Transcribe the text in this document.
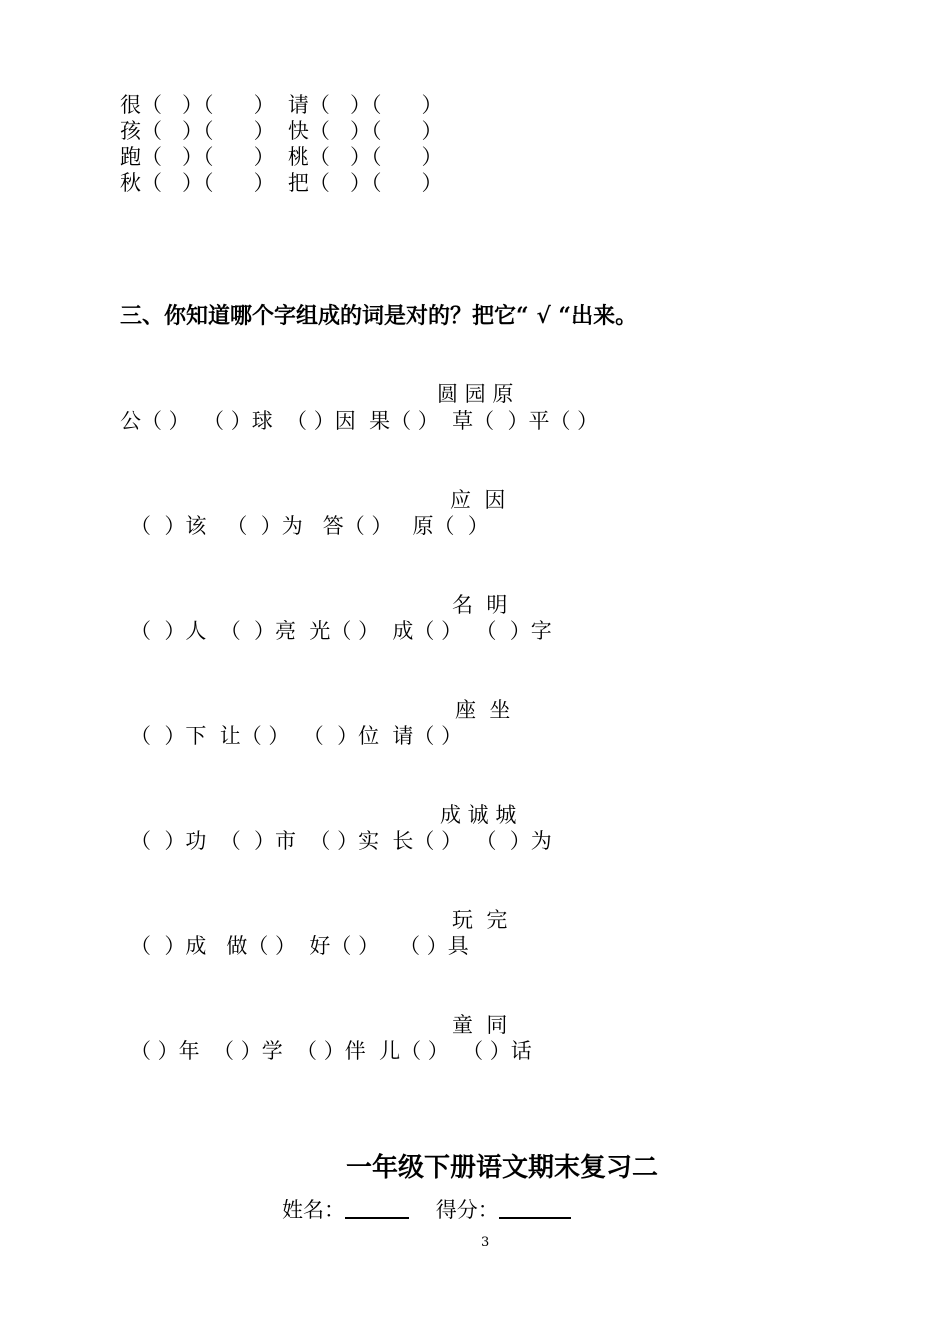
很（   ）（      ）  请（   ）（      ）
孩（   ）（      ）  快（   ）（      ）
跑（   ）（      ）  桃（   ）（      ）
秋（   ）（      ）  把（   ）（      ）
三、你知道哪个字组成的词是对的？把它“ √ “出来。
圆 园 原
公（ ）  （ ）球  （ ）因  果（ ）  草（  ）平（ ）
应  因
（  ）该   （  ）为   答（ ）   原（  ）
名  明
（  ）人  （  ）亮  光（ ）  成（ ）  （  ）字
座  坐
（  ）下  让（ ）  （  ）位  请（ ）
成 诚 城
（  ）功  （  ）市  （ ）实  长（ ）  （  ）为
玩  完
（  ）成   做（ ）  好（ ）   （ ）具
童  同
（ ）年  （ ）学  （ ）伴  儿（ ）  （ ）话
一年级下册语文期末复习二
姓名：	得分：
3
